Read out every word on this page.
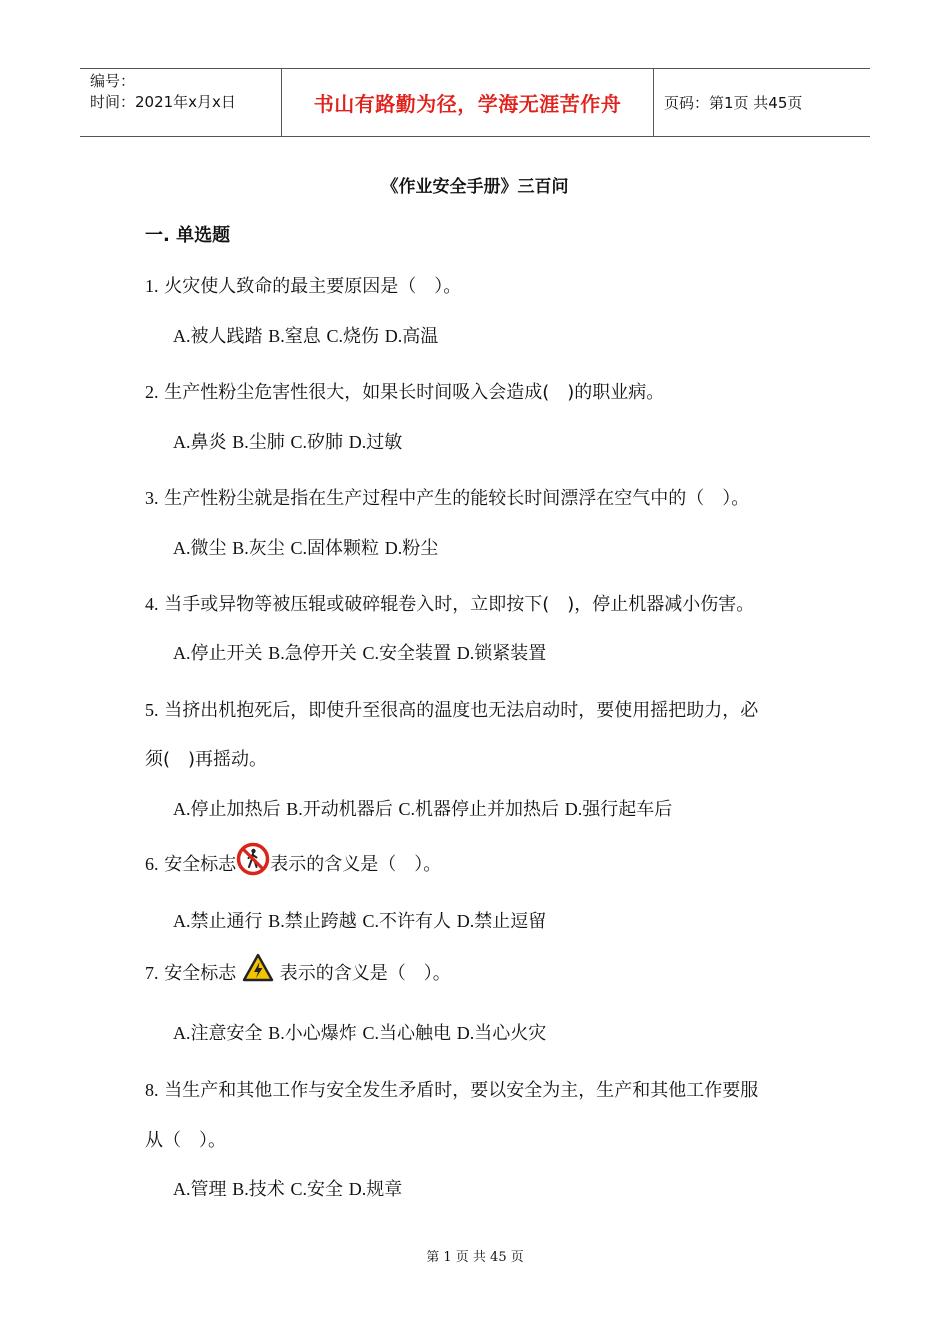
编号：
时间：2021年x月x日	书山有路勤为径，学海无涯苦作舟	页码：第1页 共45页
《作业安全手册》三百问
一. 单选题
1. 火灾使人致命的最主要原因是（　）。
A.被人践踏 B.窒息 C.烧伤 D.高温
2. 生产性粉尘危害性很大，如果长时间吸入会造成(　)的职业病。
A.鼻炎 B.尘肺 C.矽肺 D.过敏
3. 生产性粉尘就是指在生产过程中产生的能较长时间漂浮在空气中的（　）。
A.微尘 B.灰尘 C.固体颗粒 D.粉尘
4. 当手或异物等被压辊或破碎辊卷入时，立即按下(　)，停止机器减小伤害。
A.停止开关 B.急停开关 C.安全装置 D.锁紧装置
5. 当挤出机抱死后，即使升至很高的温度也无法启动时，要使用摇把助力，必
须(　)再摇动。
A.停止加热后 B.开动机器后 C.机器停止并加热后 D.强行起车后
6. 安全标志 表示的含义是（　）。
A.禁止通行 B.禁止跨越 C.不许有人 D.禁止逗留
7. 安全标志 表示的含义是（　）。
A.注意安全 B.小心爆炸 C.当心触电 D.当心火灾
8. 当生产和其他工作与安全发生矛盾时，要以安全为主，生产和其他工作要服
从（　）。
A.管理 B.技术 C.安全 D.规章
第 1 页 共 45 页
